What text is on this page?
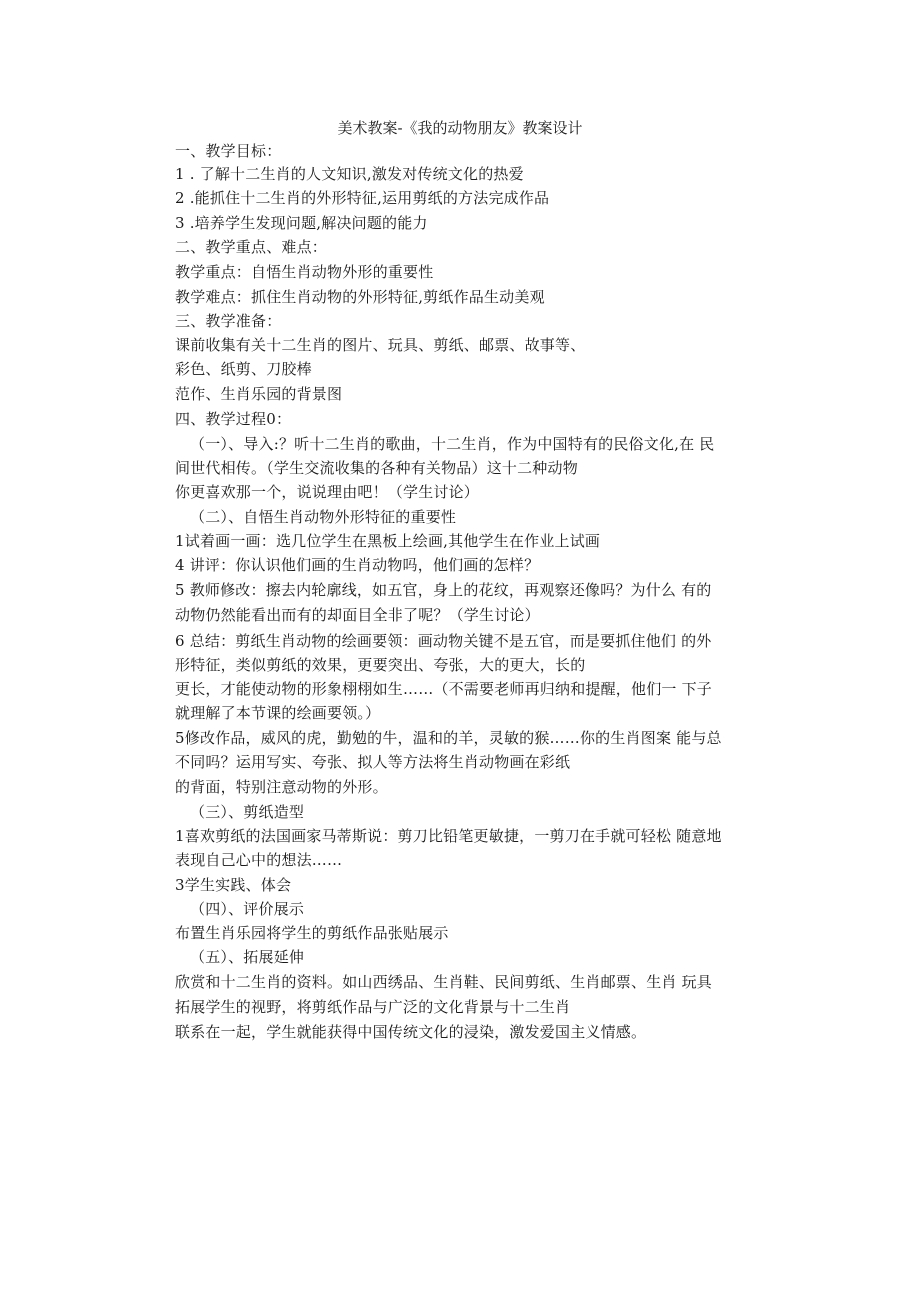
美术教案-《我的动物朋友》教案设计
一、教学目标：
1 . 了解十二生肖的人文知识,激发对传统文化的热爱
2 .能抓住十二生肖的外形特征,运用剪纸的方法完成作品
3 .培养学生发现问题,解决问题的能力
二、教学重点、难点：
教学重点：自悟生肖动物外形的重要性
教学难点：抓住生肖动物的外形特征,剪纸作品生动美观
三、教学准备：
课前收集有关十二生肖的图片、玩具、剪纸、邮票、故事等、
彩色、纸剪、刀胶棒
范作、生肖乐园的背景图
四、教学过程0：
（一）、导入:？听十二生肖的歌曲，十二生肖，作为中国特有的民俗文化,在 民
间世代相传。（学生交流收集的各种有关物品）这十二种动物
你更喜欢那一个，说说理由吧！（学生讨论）
（二）、自悟生肖动物外形特征的重要性
1试着画一画：选几位学生在黑板上绘画,其他学生在作业上试画
4 讲评：你认识他们画的生肖动物吗，他们画的怎样？
5 教师修改：擦去内轮廓线，如五官，身上的花纹，再观察还像吗？为什么 有的
动物仍然能看出而有的却面目全非了呢？（学生讨论）
6 总结：剪纸生肖动物的绘画要领：画动物关键不是五官，而是要抓住他们 的外
形特征，类似剪纸的效果，更要突出、夸张，大的更大，长的
更长，才能使动物的形象栩栩如生……（不需要老师再归纳和提醒，他们一 下子
就理解了本节课的绘画要领。）
5修改作品，威风的虎，勤勉的牛，温和的羊，灵敏的猴……你的生肖图案 能与总
不同吗？运用写实、夸张、拟人等方法将生肖动物画在彩纸
的背面，特别注意动物的外形。
（三）、剪纸造型
1喜欢剪纸的法国画家马蒂斯说：剪刀比铅笔更敏捷，一剪刀在手就可轻松 随意地
表现自己心中的想法……
3学生实践、体会
（四）、评价展示
布置生肖乐园将学生的剪纸作品张贴展示
（五）、拓展延伸
欣赏和十二生肖的资料。如山西绣品、生肖鞋、民间剪纸、生肖邮票、生肖 玩具
拓展学生的视野，将剪纸作品与广泛的文化背景与十二生肖
联系在一起，学生就能获得中国传统文化的浸染，激发爱国主义情感。
